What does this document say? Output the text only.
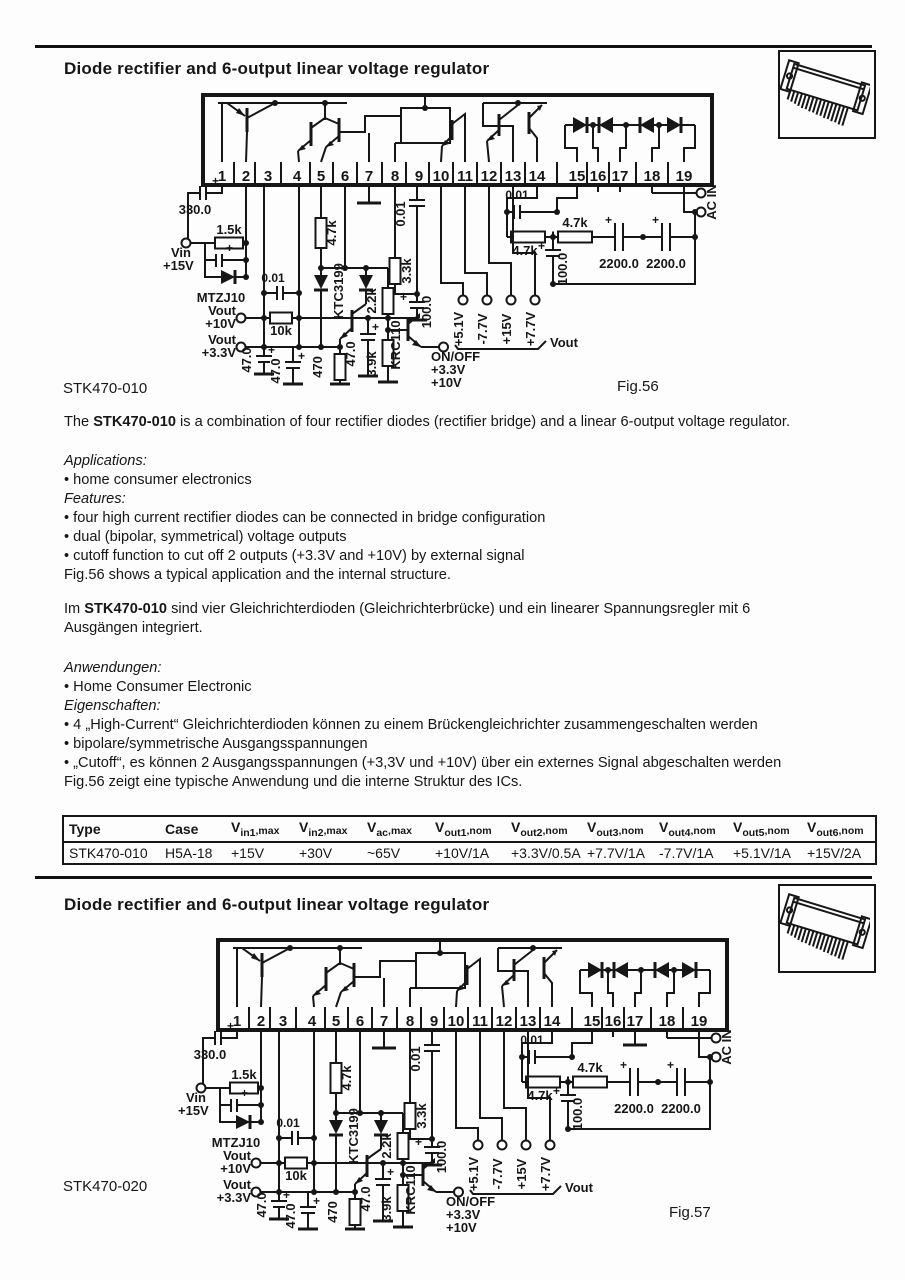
Diode rectifier and 6-output linear voltage regulator
STK470-010	Fig.56
The STK470-010 is a combination of four rectifier diodes (rectifier bridge) and a linear 6-output voltage regulator.
Applications:
• home consumer electronics
Features:
• four high current rectifier diodes can be connected in bridge configuration
• dual (bipolar, symmetrical) voltage outputs
• cutoff function to cut off 2 outputs (+3.3V and +10V) by external signal
Fig.56 shows a typical application and the internal structure.
Im STK470-010 sind vier Gleichrichterdioden (Gleichrichterbrücke) und ein linearer Spannungsregler mit 6
Ausgängen integriert.
Anwendungen:
• Home Consumer Electronic
Eigenschaften:
• 4 „High-Current“ Gleichrichterdioden können zu einem Brückengleichrichter zusammengeschalten werden
• bipolare/symmetrische Ausgangsspannungen
• „Cutoff“, es können 2 Ausgangsspannungen (+3,3V und +10V) über ein externes Signal abgeschalten werden
Fig.56 zeigt eine typische Anwendung und die interne Struktur des ICs.
Type	Case	$V_{in1},\max$	$V_{in2},\max$	$V_{ac},\max$	$V_{out1},nom$	$V_{out2},nom$	$V_{out3},nom$	$V_{out4},nom$	$V_{out5},nom$	$V_{out6},nom$
STK470-010	H5A-18	+15V	+30V	~65V	+10V/1A	+3.3V/0.5A	+7.7V/1A	-7.7V/1A	+5.1V/1A	+15V/2A
Diode rectifier and 6-output linear voltage regulator
STK470-020
Fig.57
